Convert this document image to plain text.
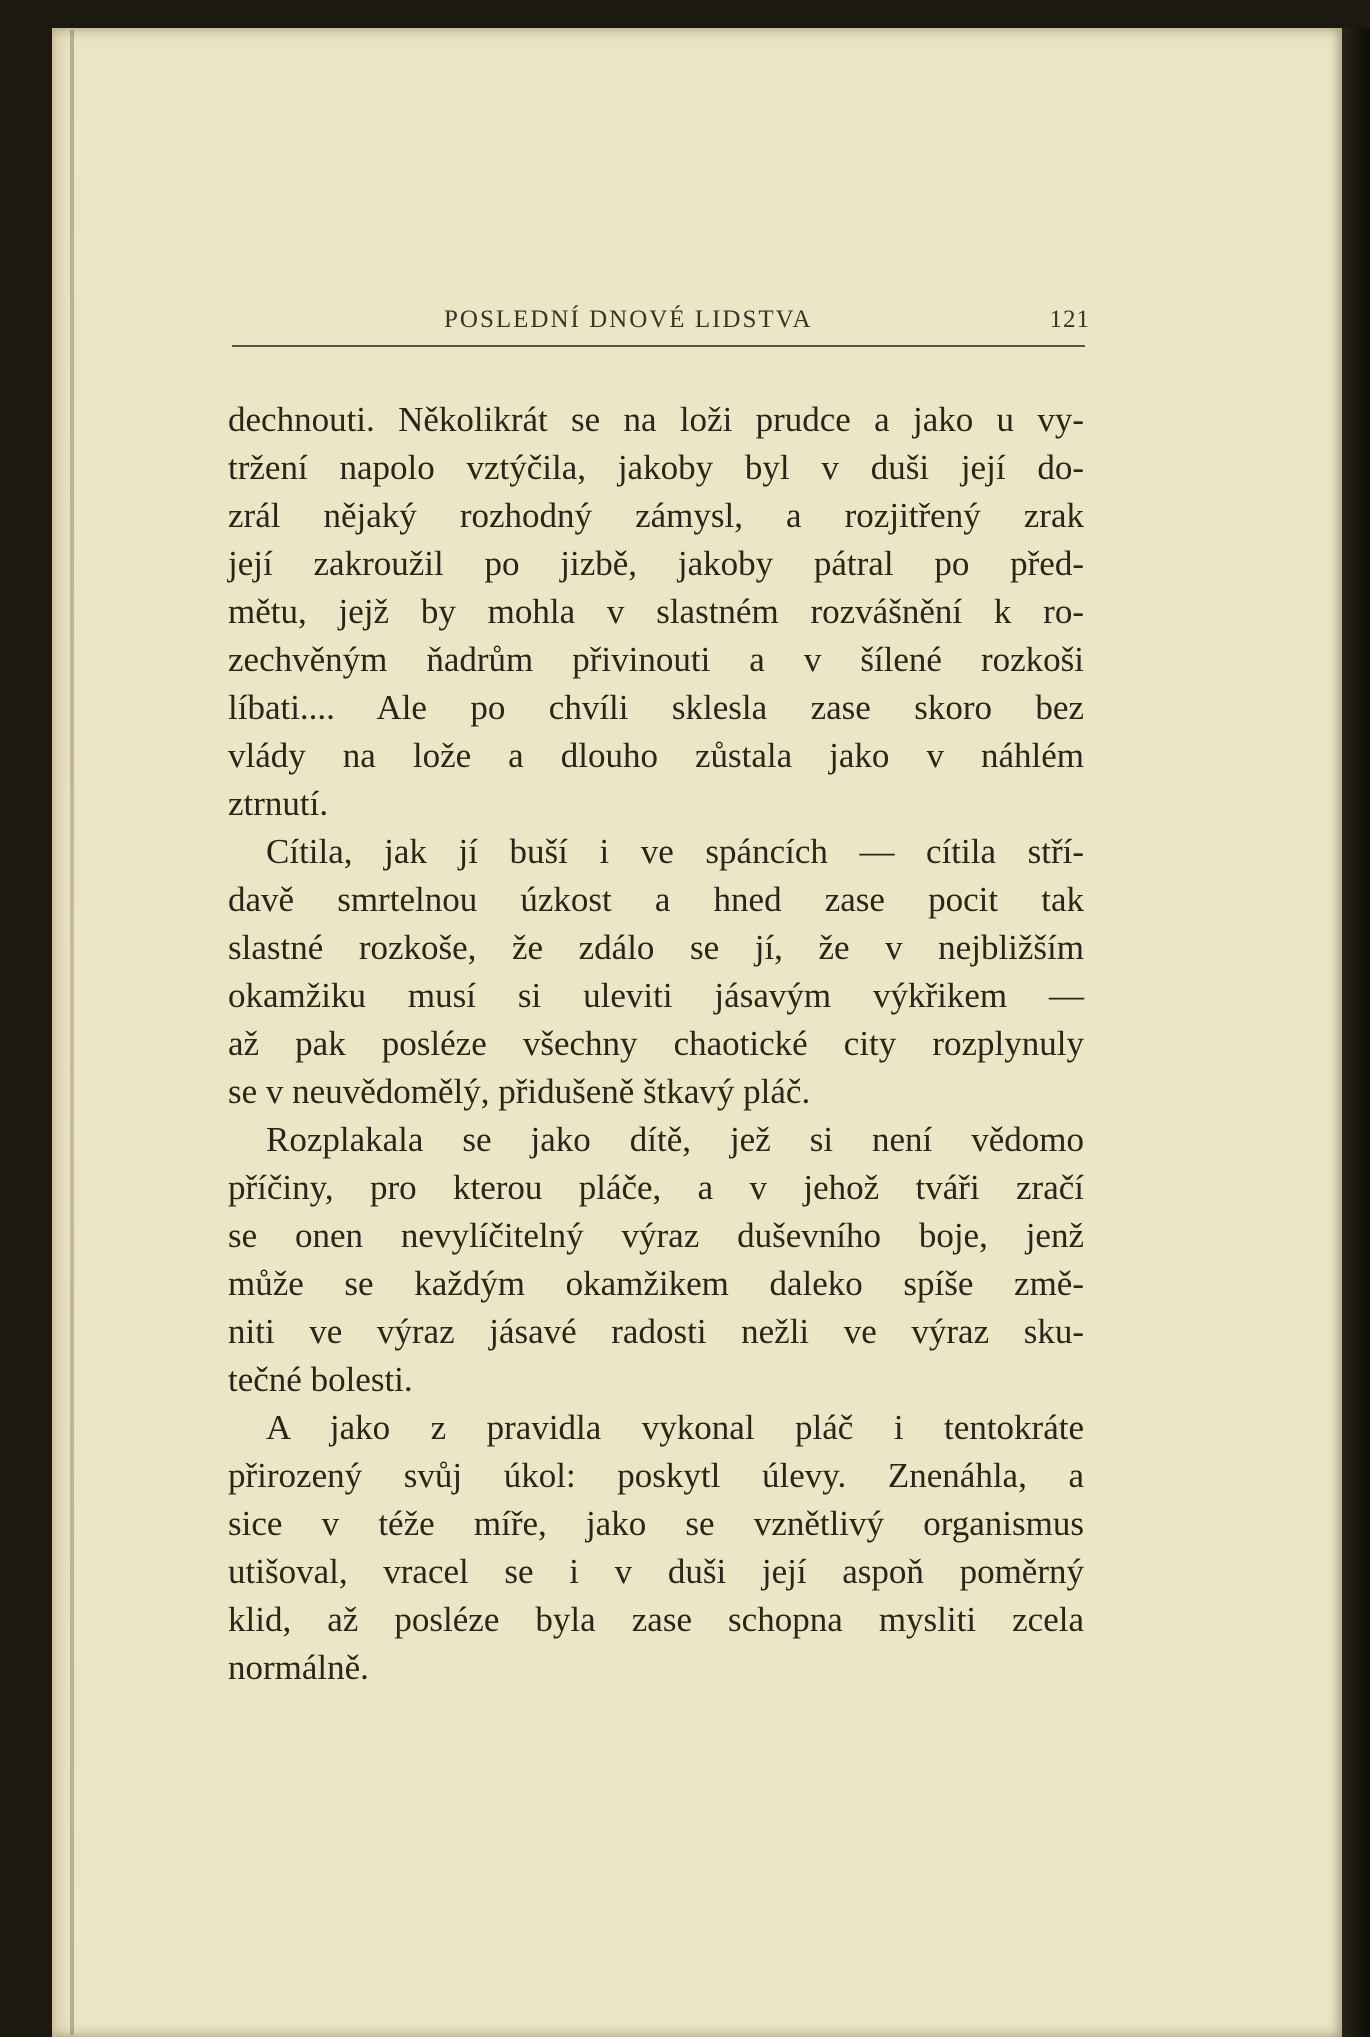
POSLEDNÍ DNOVÉ LIDSTVA	121
dechnouti. Několikrát se na loži prudce a jako u vy-
tržení napolo vztýčila, jakoby byl v duši její do-
zrál nějaký rozhodný zámysl, a rozjitřený zrak
její zakroužil po jizbě, jakoby pátral po před-
mětu, jejž by mohla v slastném rozvášnění k ro-
zechvěným ňadrům přivinouti a v šílené rozkoši
líbati.... Ale po chvíli sklesla zase skoro bez
vlády na lože a dlouho zůstala jako v náhlém
ztrnutí.
Cítila, jak jí buší i ve spáncích — cítila stří-
davě smrtelnou úzkost a hned zase pocit tak
slastné rozkoše, že zdálo se jí, že v nejbližším
okamžiku musí si uleviti jásavým výkřikem —
až pak posléze všechny chaotické city rozplynuly
se v neuvědomělý, přidušeně štkavý pláč.
Rozplakala se jako dítě, jež si není vědomo
příčiny, pro kterou pláče, a v jehož tváři zračí
se onen nevylíčitelný výraz duševního boje, jenž
může se každým okamžikem daleko spíše změ-
niti ve výraz jásavé radosti nežli ve výraz sku-
tečné bolesti.
A jako z pravidla vykonal pláč i tentokráte
přirozený svůj úkol: poskytl úlevy. Znenáhla, a
sice v téže míře, jako se vznětlivý organismus
utišoval, vracel se i v duši její aspoň poměrný
klid, až posléze byla zase schopna mysliti zcela
normálně.
